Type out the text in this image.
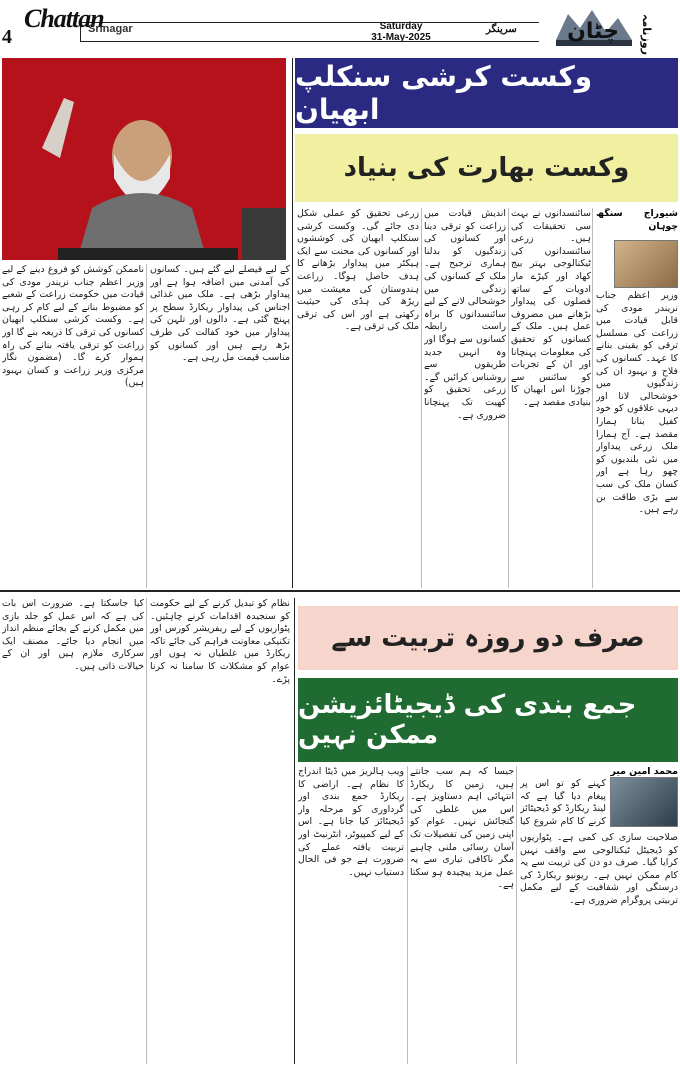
4
Chattan
Srinagar	Saturday
31-May-2025
سرینگر چٹان روزنامہ
وکست کرشی سنکلپ ابھیان
وکست بھارت کی بنیاد
شیوراج سنگھ چوہان
وزیر اعظم جناب نریندر مودی کی قابل قیادت میں زراعت کی مسلسل ترقی کو یقینی بنانے کا عہد۔ کسانوں کی فلاح و بہبود ان کی زندگیوں میں خوشحالی لانا اور دیہی علاقوں کو خود کفیل بنانا ہمارا مقصد ہے۔ آج ہمارا ملک زرعی پیداوار میں نئی بلندیوں کو چھو رہا ہے اور کسان ملک کی سب سے بڑی طاقت بن رہے ہیں۔
سائنسدانوں نے بہت سی تحقیقات کی ہیں۔ زرعی سائنسدانوں کی ٹیکنالوجی بہتر بیج کھاد اور کیڑے مار ادویات کے ساتھ فصلوں کی پیداوار بڑھانے میں مصروف عمل ہیں۔ ملک کے کسانوں کو تحقیق کی معلومات پہنچانا اور ان کے تجربات کو سائنس سے جوڑنا اس ابھیان کا بنیادی مقصد ہے۔
اندیش قیادت میں زراعت کو ترقی دینا اور کسانوں کی زندگیوں کو بدلنا ہماری ترجیح ہے۔ ملک کے کسانوں کی زندگی میں خوشحالی لانے کے لیے سائنسدانوں کا براہ راست رابطہ کسانوں سے ہوگا اور وہ انہیں جدید طریقوں سے روشناس کرائیں گے۔ زرعی تحقیق کو کھیت تک پہنچانا ضروری ہے۔
زرعی تحقیق کو عملی شکل دی جائے گی۔ وکست کرشی سنکلپ ابھیان کی کوششوں اور کسانوں کی محنت سے ایک ہیکٹر میں پیداوار بڑھانے کا ہدف حاصل ہوگا۔ زراعت ہندوستان کی معیشت میں ریڑھ کی ہڈی کی حیثیت رکھتی ہے اور اس کی ترقی ملک کی ترقی ہے۔
کے لیے فیصلے لیے گئے ہیں۔ کسانوں کی آمدنی میں اضافہ ہوا ہے اور پیداوار بڑھی ہے۔ ملک میں غذائی اجناس کی پیداوار ریکارڈ سطح پر پہنچ گئی ہے۔ دالوں اور تلہن کی پیداوار میں خود کفالت کی طرف بڑھ رہے ہیں اور کسانوں کو مناسب قیمت مل رہی ہے۔
ناممکن کوشش کو فروغ دینے کے لیے وزیر اعظم جناب نریندر مودی کی قیادت میں حکومت زراعت کے شعبے کو مضبوط بنانے کے لیے کام کر رہی ہے۔ وکست کرشی سنکلپ ابھیان کسانوں کی ترقی کا ذریعہ بنے گا اور زراعت کو ترقی یافتہ بنانے کی راہ ہموار کرے گا۔ (مضمون نگار مرکزی وزیر زراعت و کسان بہبود ہیں)
صرف دو روزہ تربیت سے
جمع بندی کی ڈیجیٹائزیشن ممکن نہیں
محمد امین میر
کہنے کو تو اس پر پیغام دیا گیا ہے کہ لینڈ ریکارڈ کو ڈیجیٹائز کرنے کا کام شروع کیا
صلاحیت سازی کی کمی ہے۔ پٹواریوں کو ڈیجیٹل ٹیکنالوجی سے واقف نہیں کرایا گیا۔ صرف دو دن کی تربیت سے یہ کام ممکن نہیں ہے۔ ریونیو ریکارڈ کی درستگی اور شفافیت کے لیے مکمل تربیتی پروگرام ضروری ہے۔
جیسا کہ ہم سب جانتے ہیں، زمین کا ریکارڈ انتہائی اہم دستاویز ہے۔ اس میں غلطی کی گنجائش نہیں۔ عوام کو اپنی زمین کی تفصیلات تک آسان رسائی ملنی چاہیے مگر ناکافی تیاری سے یہ عمل مزید پیچیدہ ہو سکتا ہے۔
ویب ہالریز میں ڈیٹا اندراج کا نظام ہے۔ اراضی کا ریکارڈ جمع بندی اور گرداوری کو مرحلہ وار ڈیجیٹائز کیا جانا ہے۔ اس کے لیے کمپیوٹر، انٹرنیٹ اور تربیت یافتہ عملے کی ضرورت ہے جو فی الحال دستیاب نہیں۔
نظام کو تبدیل کرنے کے لیے حکومت کو سنجیدہ اقدامات کرنے چاہئیں۔ پٹواریوں کے لیے ریفریشر کورس اور تکنیکی معاونت فراہم کی جائے تاکہ ریکارڈ میں غلطیاں نہ ہوں اور عوام کو مشکلات کا سامنا نہ کرنا پڑے۔
کیا جاسکتا ہے۔ ضرورت اس بات کی ہے کہ اس عمل کو جلد بازی میں مکمل کرنے کے بجائے منظم انداز میں انجام دیا جائے۔ مصنف ایک سرکاری ملازم ہیں اور ان کے خیالات ذاتی ہیں۔
